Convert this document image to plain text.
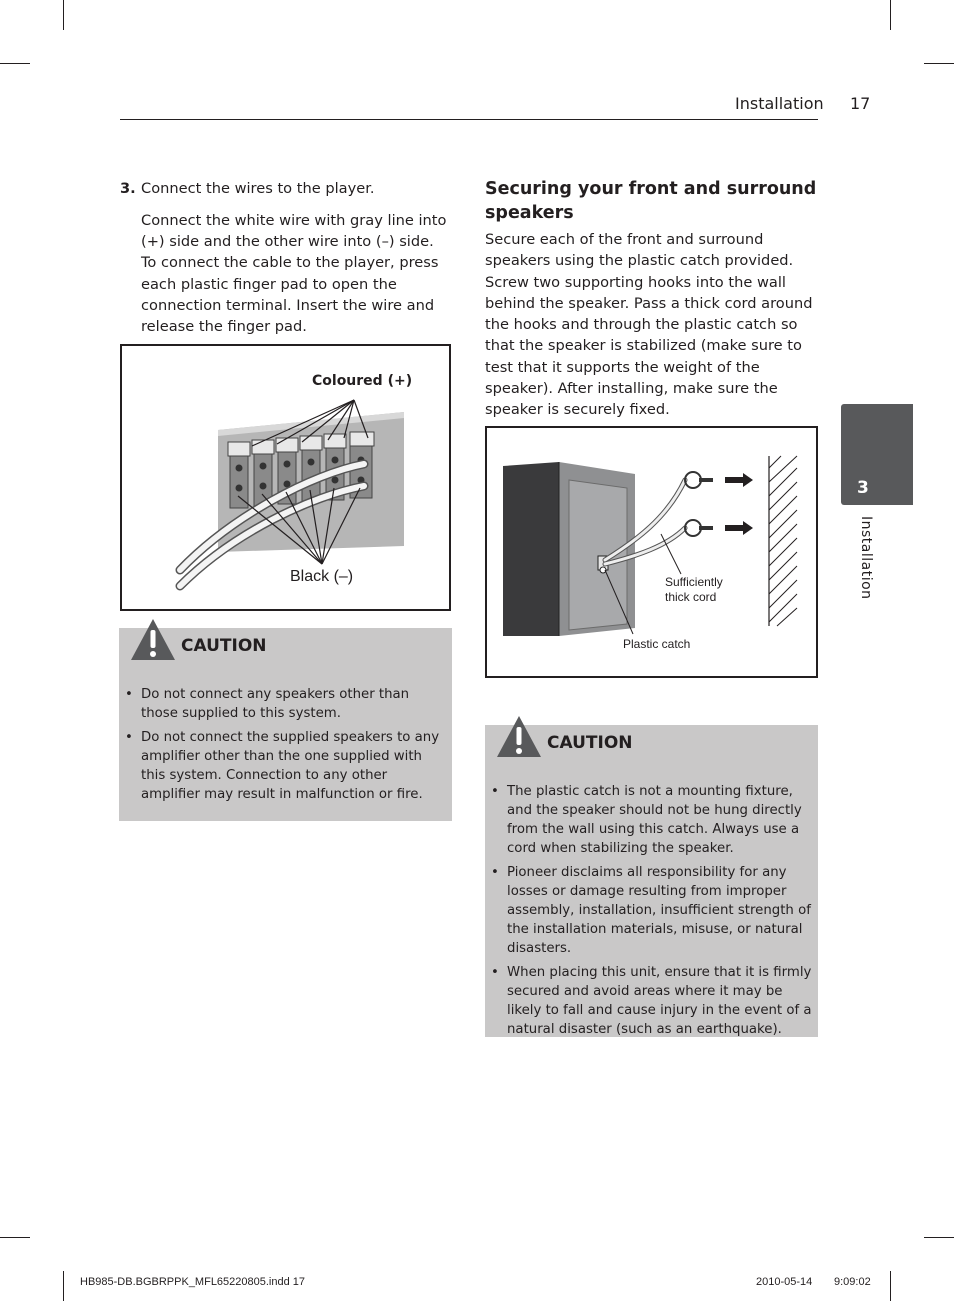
Installation 17
3. Connect the wires to the player.
Connect the white wire with gray line into (+) side and the other wire into (–) side. To connect the cable to the player, press each plastic finger pad to open the connection terminal. Insert the wire and release the finger pad.
Coloured (+)
Black (–)
CAUTION
• Do not connect any speakers other than those supplied to this system.
• Do not connect the supplied speakers to any amplifier other than the one supplied with this system. Connection to any other amplifier may result in malfunction or fire.
Securing your front and surround speakers
Secure each of the front and surround speakers using the plastic catch provided. Screw two supporting hooks into the wall behind the speaker. Pass a thick cord around the hooks and through the plastic catch so that the speaker is stabilized (make sure to test that it supports the weight of the speaker). After installing, make sure the speaker is securely fixed.
Sufficiently
thick cord
Plastic catch
CAUTION
• The plastic catch is not a mounting fixture, and the speaker should not be hung directly from the wall using this catch. Always use a cord when stabilizing the speaker.
• Pioneer disclaims all responsibility for any losses or damage resulting from improper assembly, installation, insufficient strength of the installation materials, misuse, or natural disasters.
• When placing this unit, ensure that it is firmly secured and avoid areas where it may be likely to fall and cause injury in the event of a natural disaster (such as an earthquake).
3
Installation
HB985-DB.BGBRPPK_MFL65220805.indd 17	2010-05-14 9:09:02
